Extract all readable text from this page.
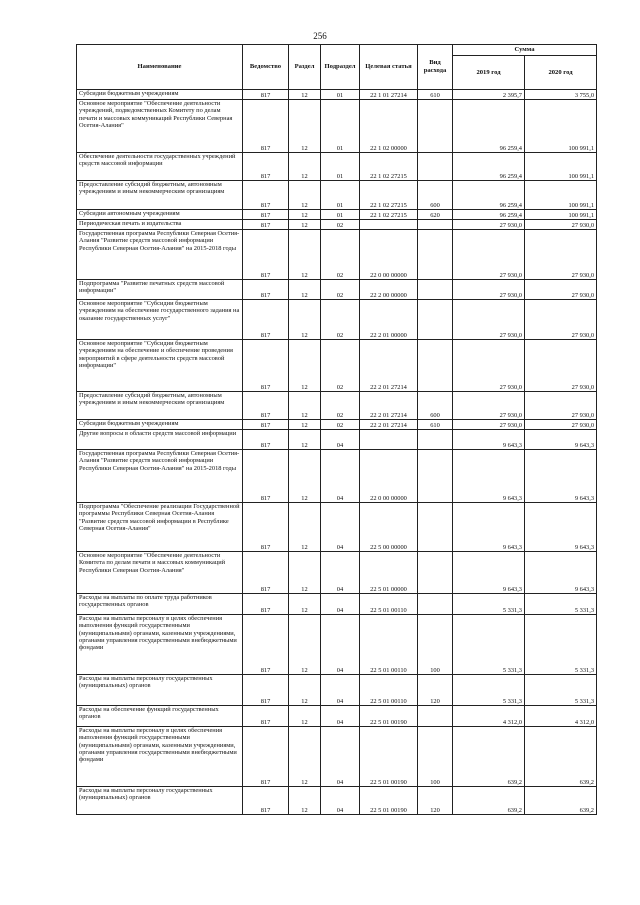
256
Наименование	Ведомство	Раздел	Подраздел	Целевая статья	Вид расхода	Сумма	
						2019 год	2020 год
Субсидии бюджетным учреждениям	817	12	01	22 1 01 27214	610	2 395,7	3 755,0
Основное мероприятие "Обеспечение деятельности учреждений, подведомственных Комитету по делам печати и массовых коммуникаций Республики Северная Осетия-Алания"	817	12	01	22 1 02 00000		96 259,4	100 991,1
Обеспечение деятельности государственных учреждений средств массовой информации	817	12	01	22 1 02 27215		96 259,4	100 991,1
Предоставление субсидий бюджетным, автономным учреждениям и иным некоммерческим организациям	817	12	01	22 1 02 27215	600	96 259,4	100 991,1
Субсидии автономным учреждениям	817	12	01	22 1 02 27215	620	96 259,4	100 991,1
Периодическая печать и издательства	817	12	02			27 930,0	27 930,0
Государственная программа Республики Северная Осетия-Алания "Развитие средств массовой информации Республики Северная Осетия-Алания" на 2015-2018 годы	817	12	02	22 0 00 00000		27 930,0	27 930,0
Подпрограмма "Развитие печатных средств массовой информации"	817	12	02	22 2 00 00000		27 930,0	27 930,0
Основное мероприятие "Субсидии бюджетным учреждениям на обеспечение государственного задания на оказание государственных услуг"	817	12	02	22 2 01 00000		27 930,0	27 930,0
Основное мероприятие "Субсидии бюджетным учреждениям на обеспечение и обеспечение проведения мероприятий в сфере деятельности средств массовой информации"	817	12	02	22 2 01 27214		27 930,0	27 930,0
Предоставление субсидий бюджетным, автономным учреждениям и иным некоммерческим организациям	817	12	02	22 2 01 27214	600	27 930,0	27 930,0
Субсидии бюджетным учреждениям	817	12	02	22 2 01 27214	610	27 930,0	27 930,0
Другие вопросы в области средств массовой информации	817	12	04			9 643,3	9 643,3
Государственная программа Республики Северная Осетия-Алания "Развитие средств массовой информации Республики Северная Осетия-Алания" на 2015-2018 годы	817	12	04	22 0 00 00000		9 643,3	9 643,3
Подпрограмма "Обеспечение реализации Государственной программы Республики Северная Осетия-Алания "Развитие средств массовой информации в Республике Северная Осетия-Алания"	817	12	04	22 5 00 00000		9 643,3	9 643,3
Основное мероприятие "Обеспечение деятельности Комитета по делам печати и массовых коммуникаций Республики Северная Осетия-Алания"	817	12	04	22 5 01 00000		9 643,3	9 643,3
Расходы на выплаты по оплате труда работников государственных органов	817	12	04	22 5 01 00110		5 331,3	5 331,3
Расходы на выплаты персоналу в целях обеспечения выполнения функций государственными (муниципальными) органами, казенными учреждениями, органами управления государственными внебюджетными фондами	817	12	04	22 5 01 00110	100	5 331,3	5 331,3
Расходы на выплаты персоналу государственных (муниципальных) органов	817	12	04	22 5 01 00110	120	5 331,3	5 331,3
Расходы на обеспечение функций государственных органов	817	12	04	22 5 01 00190		4 312,0	4 312,0
Расходы на выплаты персоналу в целях обеспечения выполнения функций государственными (муниципальными) органами, казенными учреждениями, органами управления государственными внебюджетными фондами	817	12	04	22 5 01 00190	100	639,2	639,2
Расходы на выплаты персоналу государственных (муниципальных) органов	817	12	04	22 5 01 00190	120	639,2	639,2
